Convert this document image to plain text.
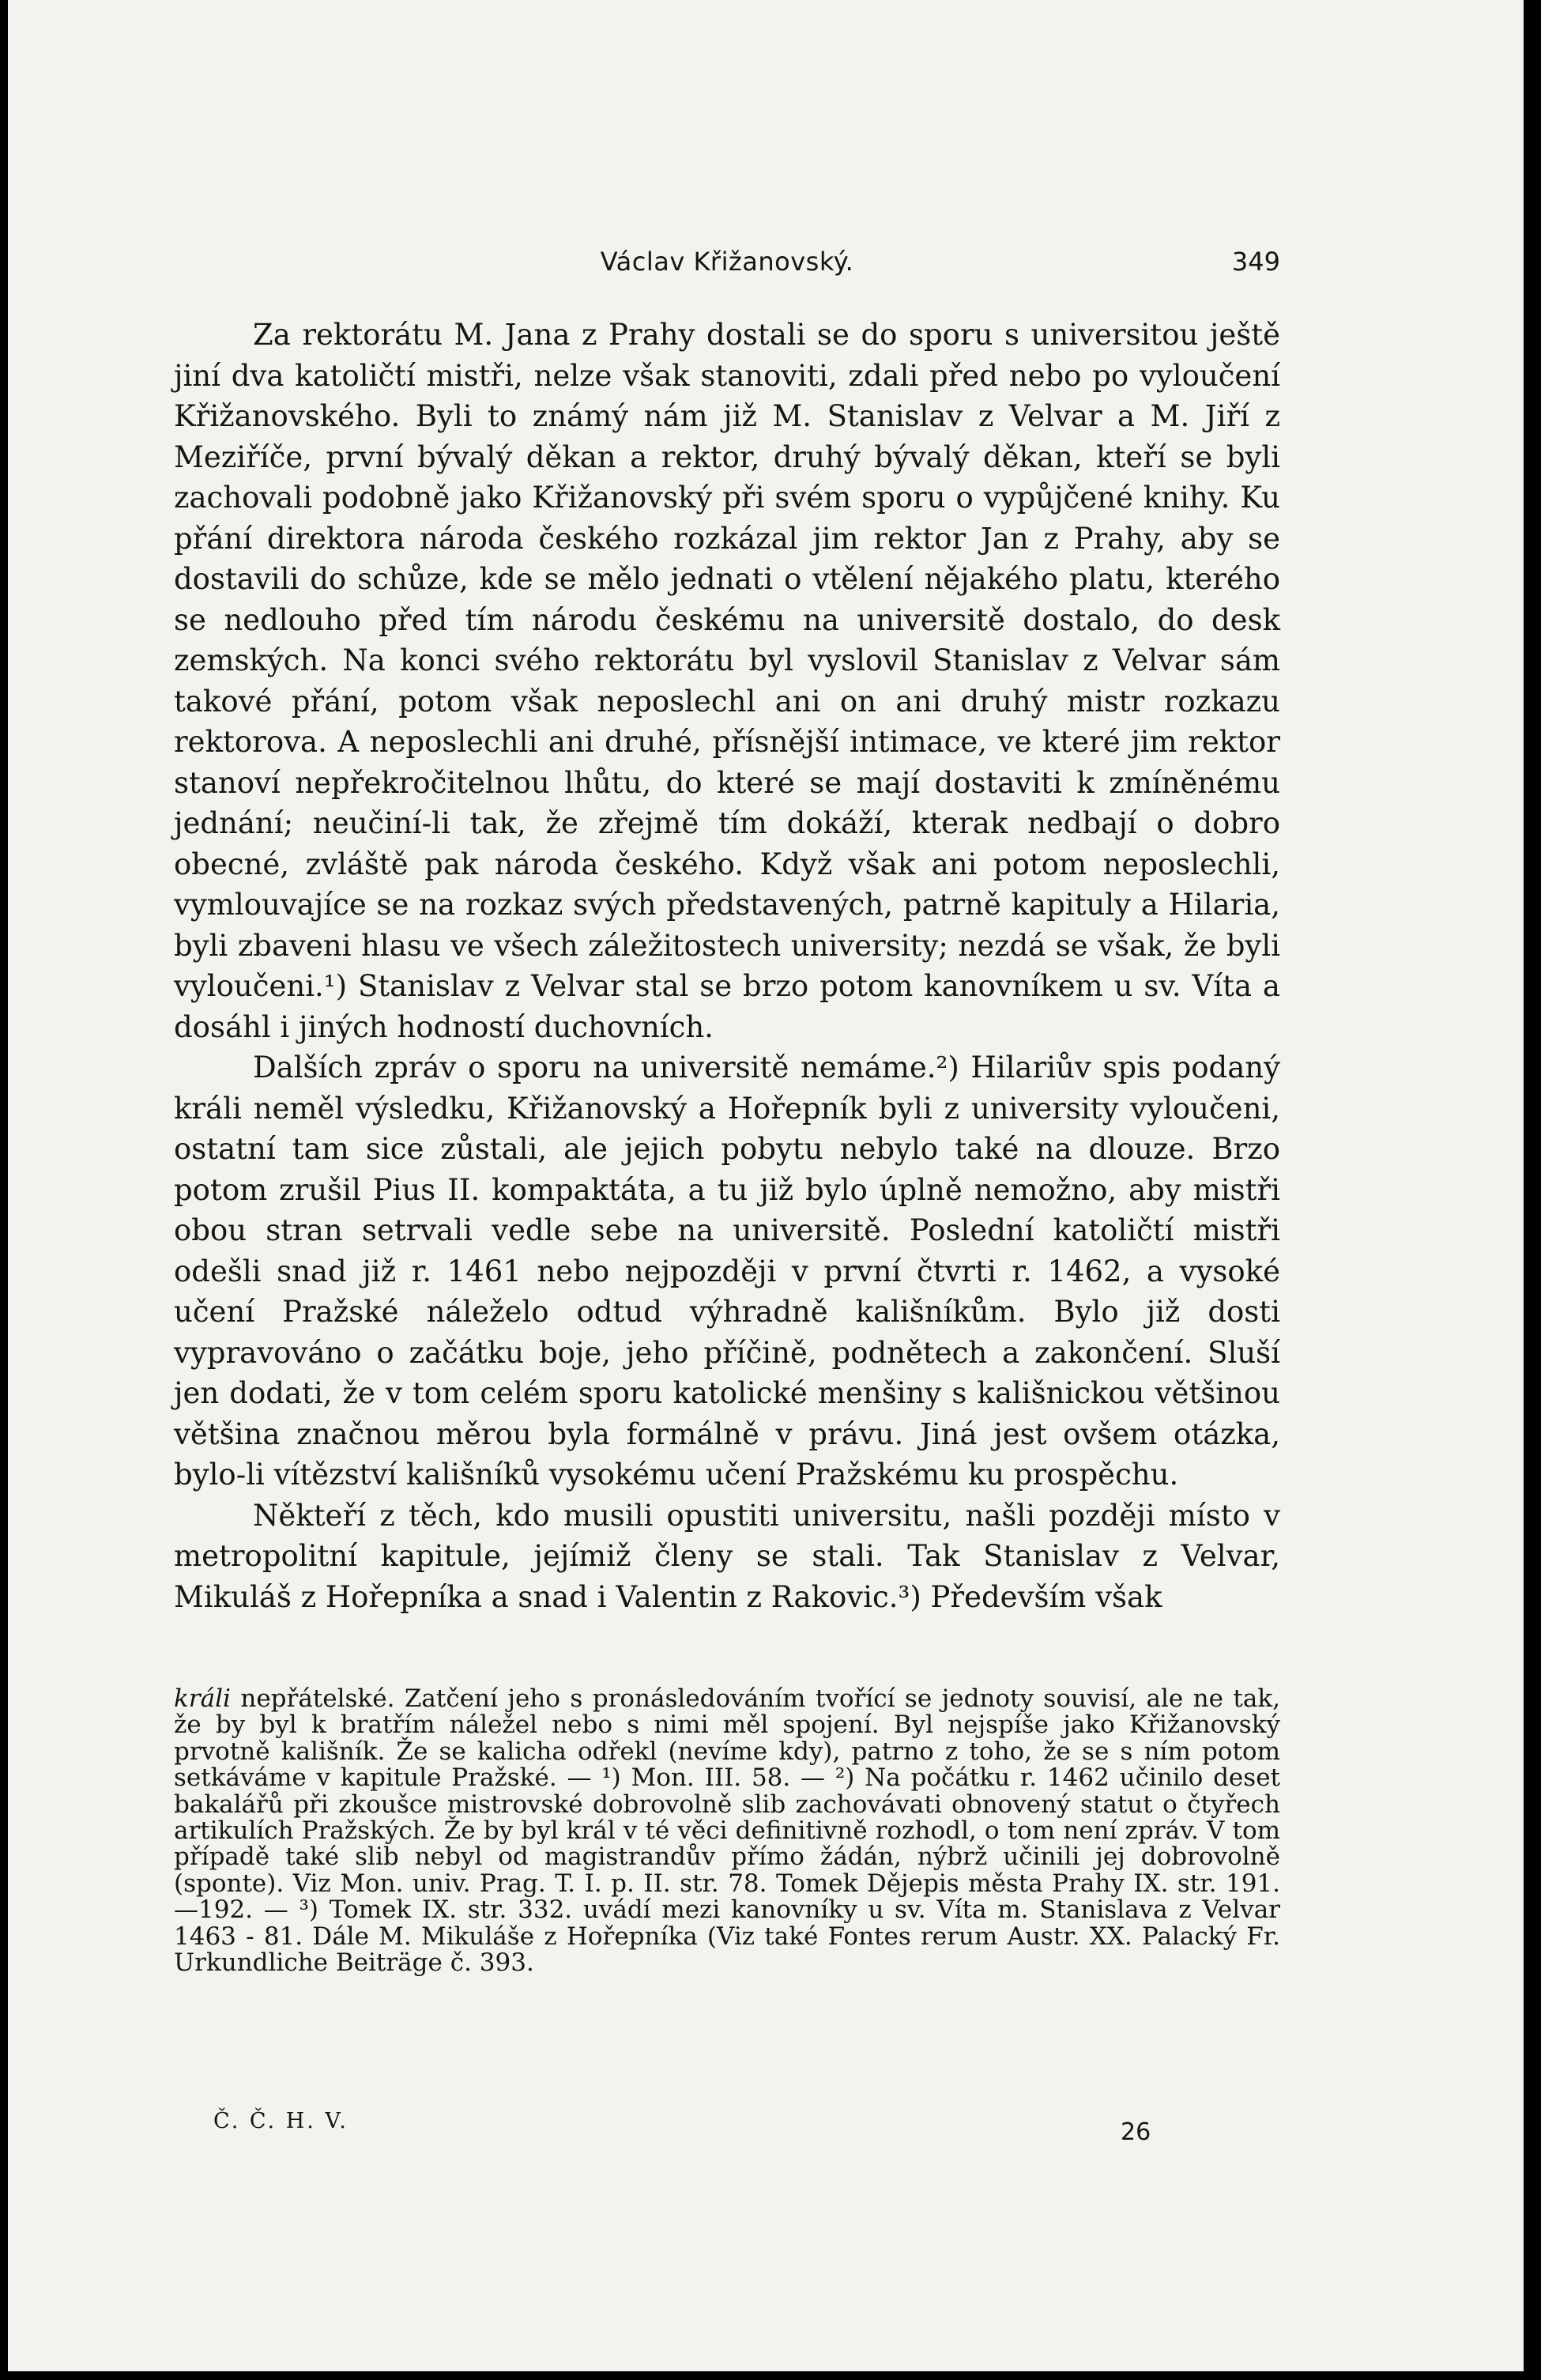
Václav Křižanovský.	349

Za rektorátu M. Jana z Prahy dostali se do sporu s universitou ještě jiní dva katoličtí mistři, nelze však stanoviti, zdali před nebo po vyloučení Křižanovského. Byli to známý nám již M. Stanislav z Velvar a M. Jiří z Meziříče, první bývalý děkan a rektor, druhý bývalý děkan, kteří se byli zachovali podobně jako Křižanovský při svém sporu o vypůjčené knihy. Ku přání direktora národa českého rozkázal jim rektor Jan z Prahy, aby se dostavili do schůze, kde se mělo jednati o vtělení nějakého platu, kterého se nedlouho před tím národu českému na universitě dostalo, do desk zemských. Na konci svého rektorátu byl vyslovil Stanislav z Velvar sám takové přání, potom však neposlechl ani on ani druhý mistr rozkazu rektorova. A neposlechli ani druhé, přísnější intimace, ve které jim rektor stanoví nepřekročitelnou lhůtu, do které se mají dostaviti k zmíněnému jednání; neučiní-li tak, že zřejmě tím dokáží, kterak nedbají o dobro obecné, zvláště pak národa českého. Když však ani potom neposlechli, vymlouvajíce se na rozkaz svých představených, patrně kapituly a Hilaria, byli zbaveni hlasu ve všech záležitostech university; nezdá se však, že byli vyloučeni.¹) Stanislav z Velvar stal se brzo potom kanovníkem u sv. Víta a dosáhl i jiných hodností duchovních.

Dalších zpráv o sporu na universitě nemáme.²) Hilariův spis podaný králi neměl výsledku, Křižanovský a Hořepník byli z university vyloučeni, ostatní tam sice zůstali, ale jejich pobytu nebylo také na dlouze. Brzo potom zrušil Pius II. kompaktáta, a tu již bylo úplně nemožno, aby mistři obou stran setrvali vedle sebe na universitě. Poslední katoličtí mistři odešli snad již r. 1461 nebo nejpozději v první čtvrti r. 1462, a vysoké učení Pražské náleželo odtud výhradně kališníkům. Bylo již dosti vypravováno o začátku boje, jeho příčině, podnětech a zakončení. Sluší jen dodati, že v tom celém sporu katolické menšiny s kališnickou většinou většina značnou měrou byla formálně v právu. Jiná jest ovšem otázka, bylo-li vítězství kališníků vysokému učení Pražskému ku prospěchu.

Někteří z těch, kdo musili opustiti universitu, našli později místo v metropolitní kapitule, jejímiž členy se stali. Tak Stanislav z Velvar, Mikuláš z Hořepníka a snad i Valentin z Rakovic.³) Především však

králi nepřátelské. Zatčení jeho s pronásledováním tvořící se jednoty souvisí, ale ne tak, že by byl k bratřím náležel nebo s nimi měl spojení. Byl nejspíše jako Křižanovský prvotně kališník. Že se kalicha odřekl (nevíme kdy), patrno z toho, že se s ním potom setkáváme v kapitule Pražské. — ¹) Mon. III. 58. — ²) Na počátku r. 1462 učinilo deset bakalářů při zkoušce mistrovské dobrovolně slib zachovávati obnovený statut o čtyřech artikulích Pražských. Že by byl král v té věci definitivně rozhodl, o tom není zpráv. V tom případě také slib nebyl od magistrandův přímo žádán, nýbrž učinili jej dobrovolně (sponte). Viz Mon. univ. Prag. T. I. p. II. str. 78. Tomek Dějepis města Prahy IX. str. 191.—192. — ³) Tomek IX. str. 332. uvádí mezi kanovníky u sv. Víta m. Stanislava z Velvar 1463 - 81. Dále M. Mikuláše z Hořepníka (Viz také Fontes rerum Austr. XX. Palacký Fr. Urkundliche Beiträge č. 393.

Č. Č. H. V.	26
